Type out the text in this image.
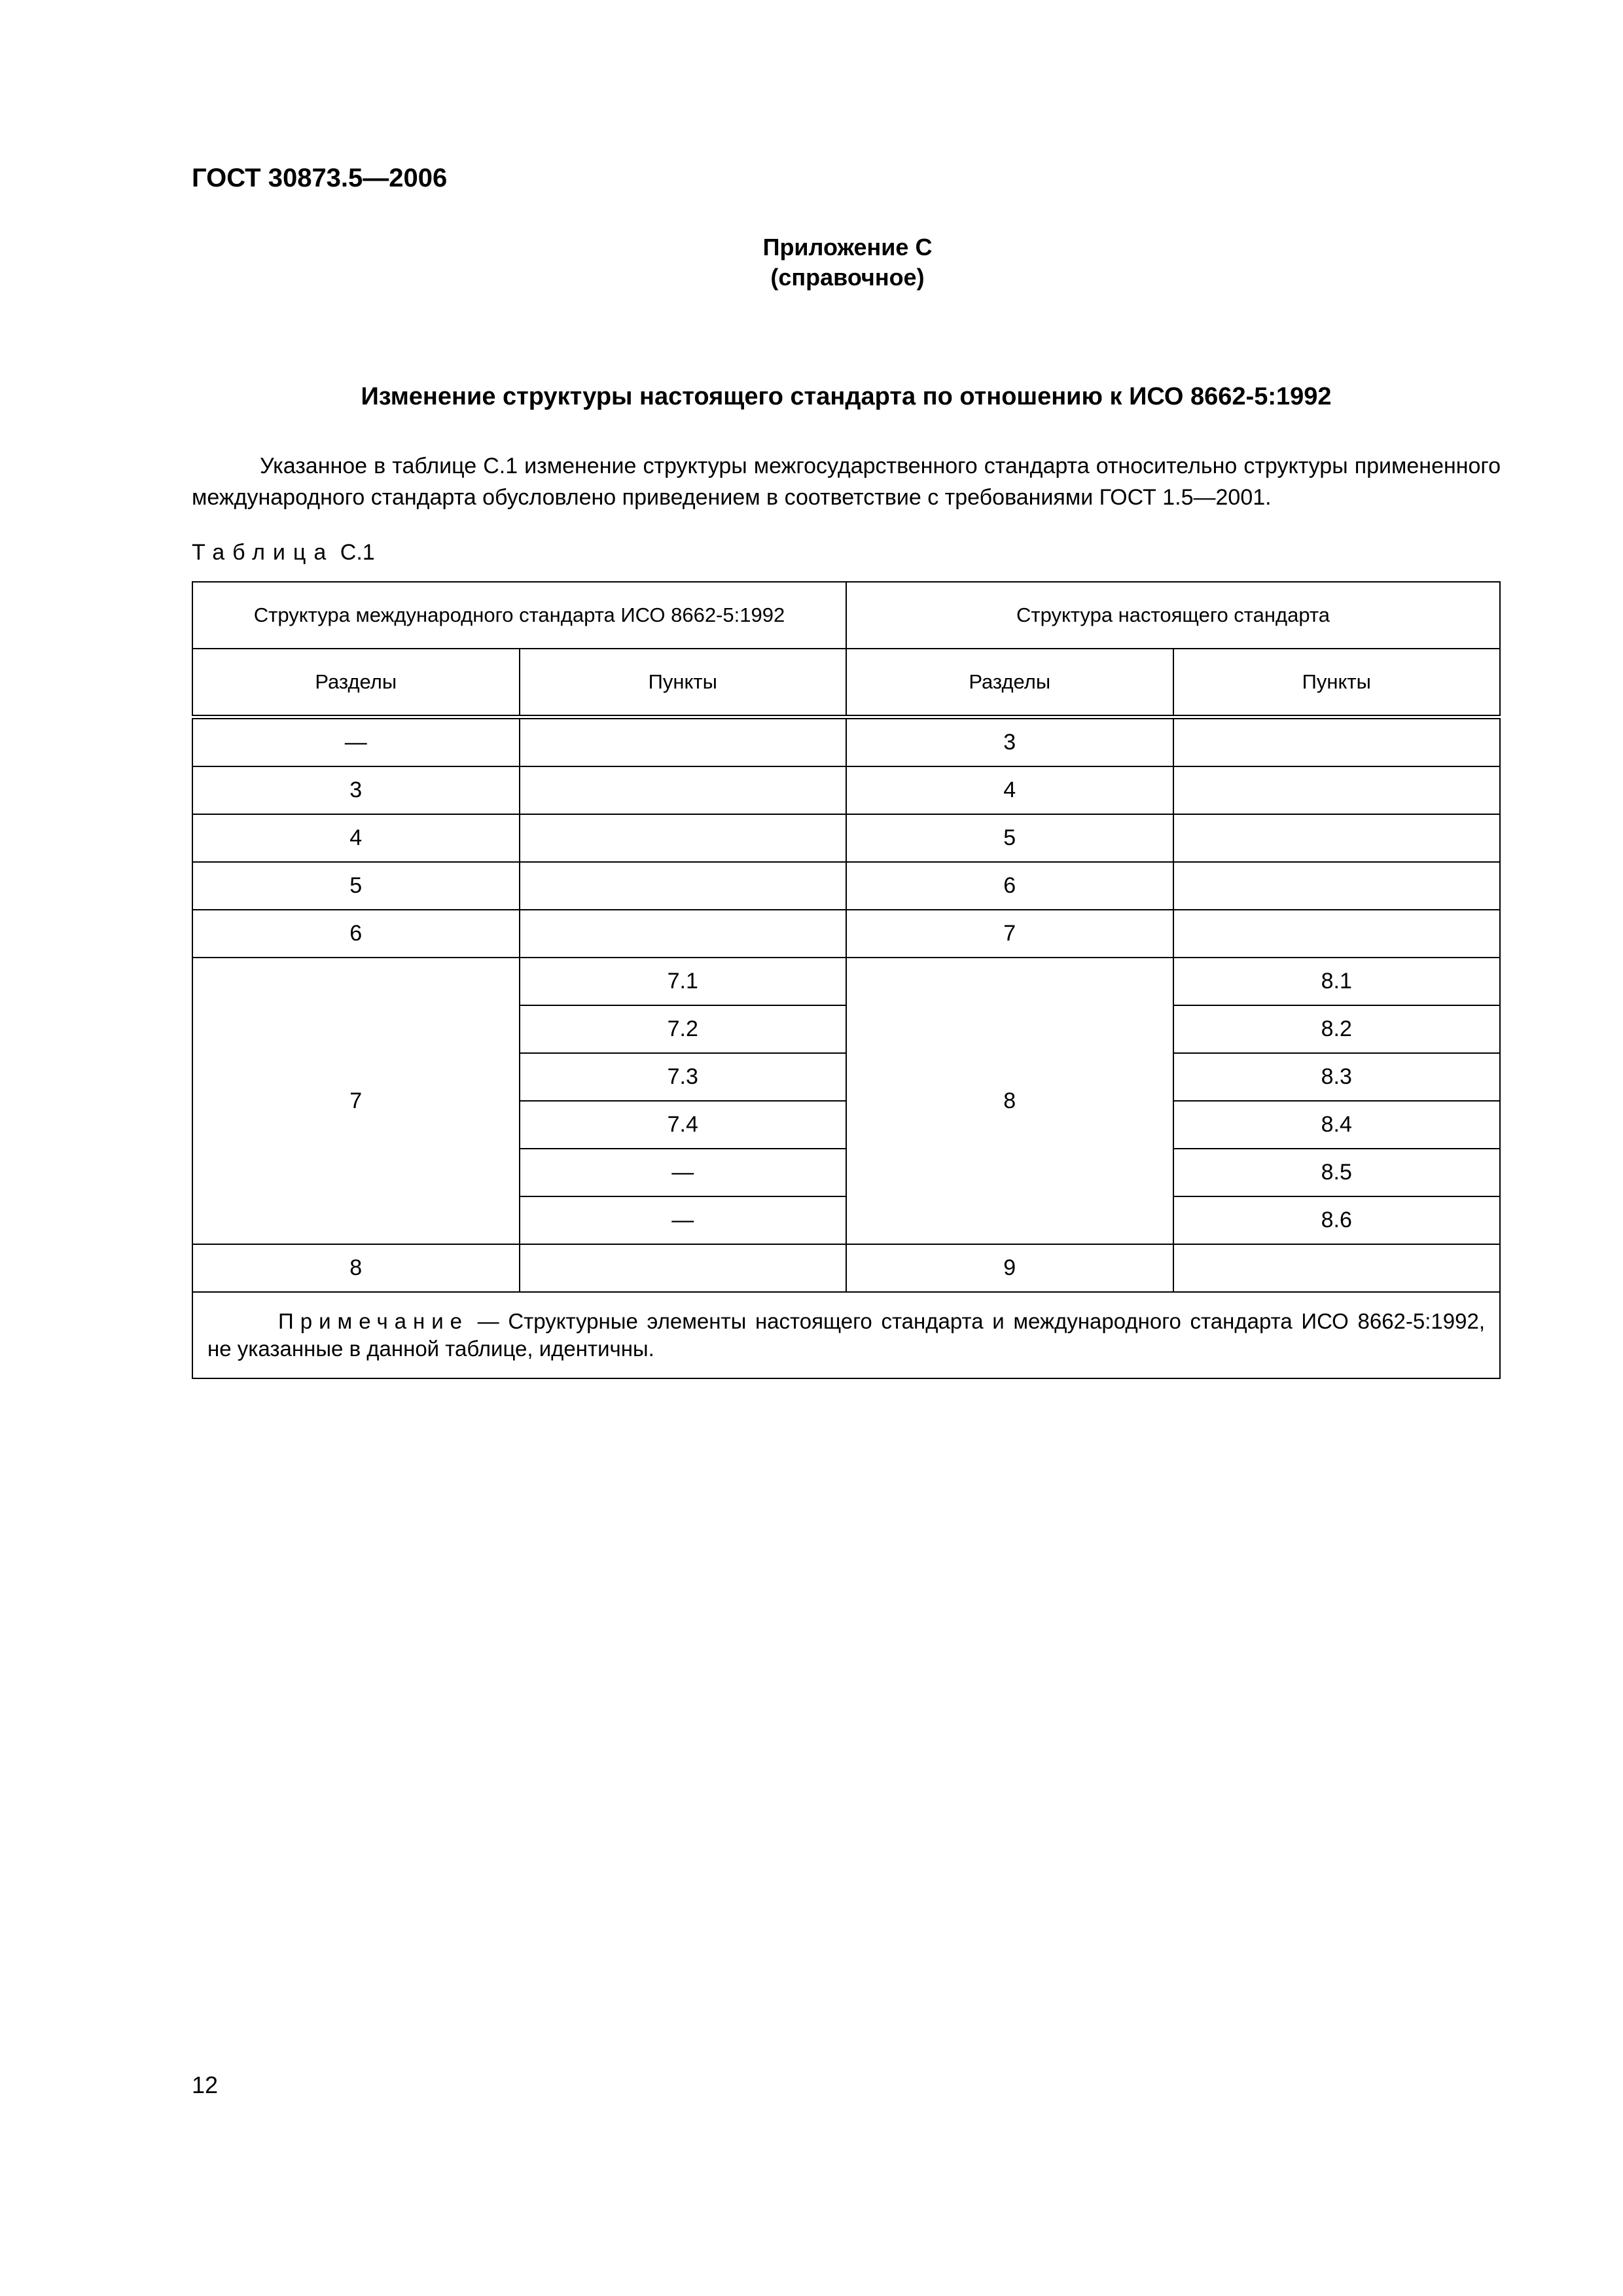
ГОСТ 30873.5—2006
Приложение С
(справочное)
Изменение структуры настоящего стандарта по отношению к ИСО 8662-5:1992
Указанное в таблице С.1 изменение структуры межгосударственного стандарта относительно структуры примененного международного стандарта обусловлено приведением в соответствие с требованиями ГОСТ 1.5—2001.
Таблица С.1
Структура международного стандарта ИСО 8662-5:1992		Структура настоящего стандарта	
Разделы	Пункты	Разделы	Пункты
—		3	
3		4	
4		5	
5		6	
6		7	
7	7.1	8	8.1
	7.2		8.2
	7.3		8.3
	7.4		8.4
	—		8.5
	—		8.6
8		9	
Примечание — Структурные элементы настоящего стандарта и международного стандарта ИСО 8662-5:1992, не указанные в данной таблице, идентичны.			
12
